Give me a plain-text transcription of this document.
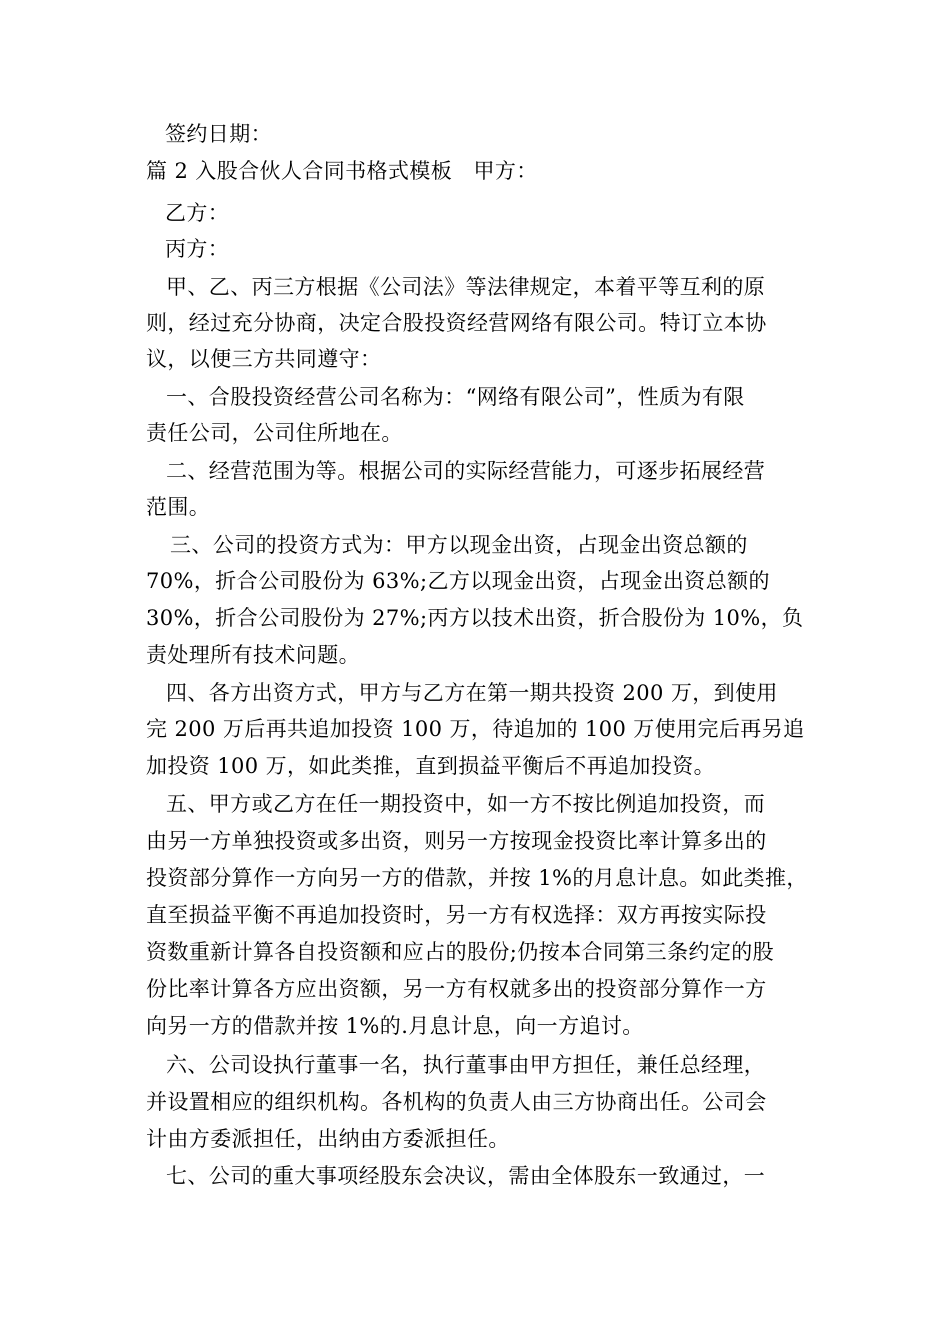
签约日期：
篇 2 入股合伙人合同书格式模板　甲方：
乙方：
丙方：
甲、乙、丙三方根据《公司法》等法律规定，本着平等互利的原
则，经过充分协商，决定合股投资经营网络有限公司。特订立本协
议，以便三方共同遵守：
一、合股投资经营公司名称为：“网络有限公司”，性质为有限
责任公司，公司住所地在。
二、经营范围为等。根据公司的实际经营能力，可逐步拓展经营
范围。
三、公司的投资方式为：甲方以现金出资，占现金出资总额的
70%，折合公司股份为 63%;乙方以现金出资，占现金出资总额的
30%，折合公司股份为 27%;丙方以技术出资，折合股份为 10%，负
责处理所有技术问题。
四、各方出资方式，甲方与乙方在第一期共投资 200 万，到使用
完 200 万后再共追加投资 100 万，待追加的 100 万使用完后再另追
加投资 100 万，如此类推，直到损益平衡后不再追加投资。
五、甲方或乙方在任一期投资中，如一方不按比例追加投资，而
由另一方单独投资或多出资，则另一方按现金投资比率计算多出的
投资部分算作一方向另一方的借款，并按 1%的月息计息。如此类推，
直至损益平衡不再追加投资时，另一方有权选择：双方再按实际投
资数重新计算各自投资额和应占的股份;仍按本合同第三条约定的股
份比率计算各方应出资额，另一方有权就多出的投资部分算作一方
向另一方的借款并按 1%的.月息计息，向一方追讨。
六、公司设执行董事一名，执行董事由甲方担任，兼任总经理，
并设置相应的组织机构。各机构的负责人由三方协商出任。公司会
计由方委派担任，出纳由方委派担任。
七、公司的重大事项经股东会决议，需由全体股东一致通过，一
